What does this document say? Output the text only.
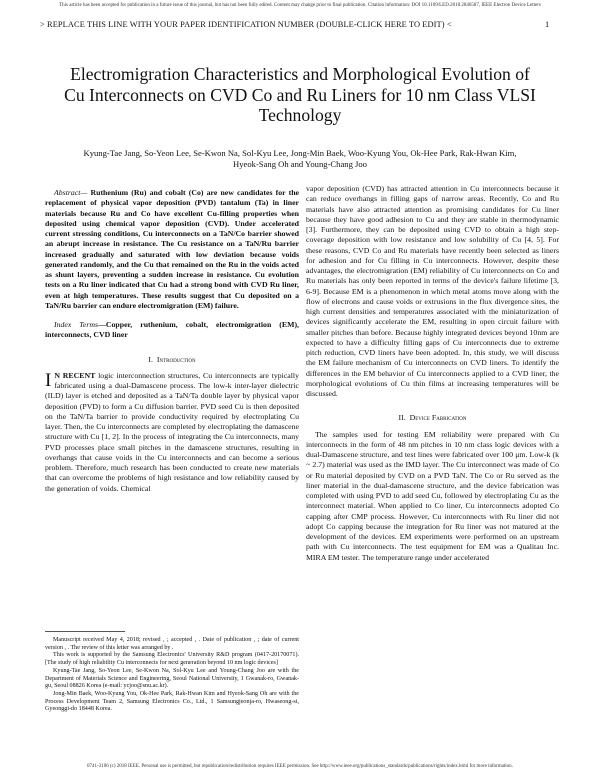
This article has been accepted for publication in a future issue of this journal, but has not been fully edited. Content may change prior to final publication. Citation information: DOI 10.1109/LED.2018.2846587, IEEE Electron Device Letters
> REPLACE THIS LINE WITH YOUR PAPER IDENTIFICATION NUMBER (DOUBLE-CLICK HERE TO EDIT) <	1
Electromigration Characteristics and Morphological Evolution of Cu Interconnects on CVD Co and Ru Liners for 10 nm Class VLSI Technology
Kyung-Tae Jang, So-Yeon Lee, Se-Kwon Na, Sol-Kyu Lee, Jong-Min Baek, Woo-Kyung You, Ok-Hee Park, Rak-Hwan Kim, Hyeok-Sang Oh and Young-Chang Joo

Abstract— Ruthenium (Ru) and cobalt (Co) are new candidates for the replacement of physical vapor deposition (PVD) tantalum (Ta) in liner materials because Ru and Co have excellent Cu-filling properties when deposited using chemical vapor deposition (CVD). Under accelerated current stressing conditions, Cu interconnects on a TaN/Co barrier showed an abrupt increase in resistance. The Cu resistance on a TaN/Ru barrier increased gradually and saturated with low deviation because voids generated randomly, and the Cu that remained on the Ru in the voids acted as shunt layers, preventing a sudden increase in resistance. Cu evolution tests on a Ru liner indicated that Cu had a strong bond with CVD Ru liner, even at high temperatures. These results suggest that Cu deposited on a TaN/Ru barrier can endure electromigration (EM) failure.

Index Terms—Copper, ruthenium, cobalt, electromigration (EM), interconnects, CVD liner

I. Introduction

I N RECENT logic interconnection structures, Cu interconnects are typically fabricated using a dual-Damascene process. The low-k inter-layer dielectric (ILD) layer is etched and deposited as a TaN/Ta double layer by physical vapor deposition (PVD) to form a Cu diffusion barrier. PVD seed Cu is then deposited on the TaN/Ta barrier to provide conductivity required by electroplating Cu layer. Then, the Cu interconnects are completed by electroplating the damascene structure with Cu [1, 2]. In the process of integrating the Cu interconnects, many PVD processes place small pitches in the damascene structures, resulting in overhangs that cause voids in the Cu interconnects and can become a serious problem. Therefore, much research has been conducted to create new materials that can overcome the problems of high resistance and low reliability caused by the generation of voids. Chemical

Manuscript received May 4, 2018; revised , ; accepted , . Date of publication , ; date of current version , . The review of this letter was arranged by .

This work is supported by the Samsung Electronics' University R&D program (0417-20170071). [The study of high reliability Cu interconnects for next generation beyond 10 nm logic devices]

Kyung-Tae Jang, So-Yeon Lee, Se-Kwon Na, Sol-Kyu Lee and Young-Chang Joo are with the Department of Materials Science and Engineering, Seoul National University, 1 Gwanak-ro, Gwanak-gu, Seoul 08826 Korea (e-mail: ycjoo@snu.ac.kr).

Jong-Min Baek, Woo-Kyung You, Ok-Hee Park, Rak-Hwan Kim and Hyeok-Sang Oh are with the Process Development Team 2, Samsung Electronics Co., Ltd., 1 Samsungjeonja-ro, Hwaseong-si, Gyeonggi-do 18448 Korea.

vapor deposition (CVD) has attracted attention in Cu interconnects because it can reduce overhangs in filling gaps of narrow areas. Recently, Co and Ru materials have also attracted attention as promising candidates for Cu liner because they have good adhesion to Cu and they are stable in thermodynamic [3]. Furthermore, they can be deposited using CVD to obtain a high step-coverage deposition with low resistance and low solubility of Cu [4, 5]. For these reasons, CVD Co and Ru materials have recently been selected as liners for adhesion and for Cu filling in Cu interconnects. However, despite these advantages, the electromigration (EM) reliability of Cu interconnects on Co and Ru materials has only been reported in terms of the device's failure lifetime [3, 6-9]. Because EM is a phenomenon in which metal atoms move along with the flow of electrons and cause voids or extrusions in the flux divergence sites, the high current densities and temperatures associated with the miniaturization of devices significantly accelerate the EM, resulting in open circuit failure with smaller pitches than before. Because highly integrated devices beyond 10nm are expected to have a difficulty filling gaps of Cu interconnects due to extreme pitch reduction, CVD liners have been adopted. In, this study, we will discuss the EM failure mechanism of Cu interconnects on CVD liners. To identify the differences in the EM behavior of Cu interconnects applied to a CVD liner, the morphological evolutions of Cu thin films at increasing temperatures will be discussed.

II. Device Fabrication

The samples used for testing EM reliability were prepared with Cu interconnects in the form of 48 nm pitches in 10 nm class logic devices with a dual-Damascene structure, and test lines were fabricated over 100 μm. Low-k (k ~ 2.7) material was used as the IMD layer. The Cu interconnect was made of Co or Ru material deposited by CVD on a PVD TaN. The Co or Ru served as the liner material in the dual-damascene structure, and the device fabrication was completed with using PVD to add seed Cu, followed by electroplating Cu as the interconnect material. When applied to Co liner, Cu interconnects adopted Co capping after CMP process. However, Cu interconnects with Ru liner did not adopt Co capping because the integration for Ru liner was not matured at the development of the devices. EM experiments were performed on an upstream path with Cu interconnects. The test equipment for EM was a Qualitau Inc. MIRA EM tester. The temperature range under accelerated

0741-3106 (c) 2018 IEEE. Personal use is permitted, but republication/redistribution requires IEEE permission. See http://www.ieee.org/publications_standards/publications/rights/index.html for more information.
